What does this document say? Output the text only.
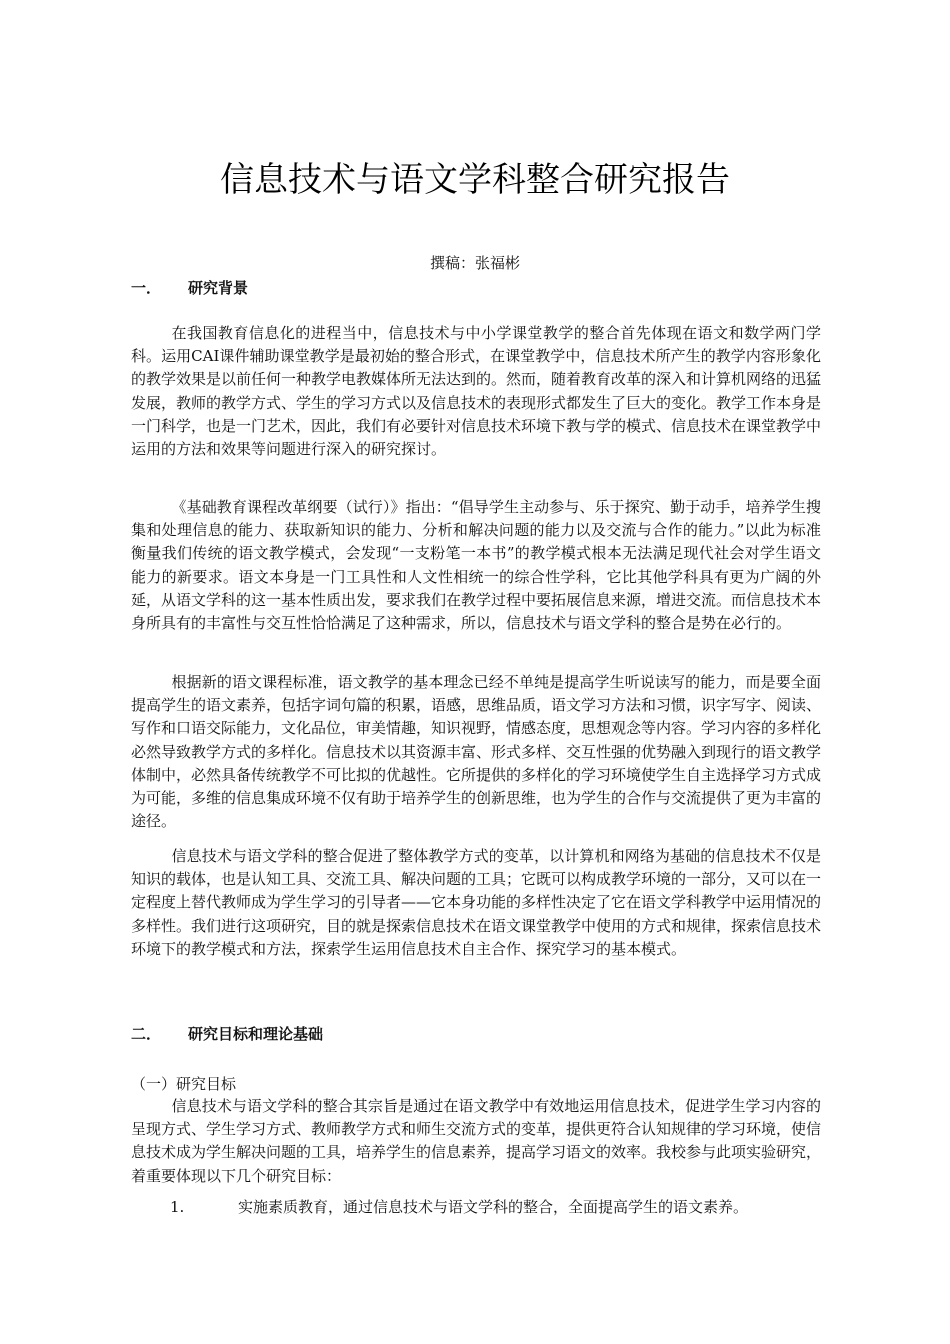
信息技术与语文学科整合研究报告
撰稿：张福彬
一． 研究背景

在我国教育信息化的进程当中，信息技术与中小学课堂教学的整合首先体现在语文和数学两门学科。运用CAI课件辅助课堂教学是最初始的整合形式，在课堂教学中，信息技术所产生的教学内容形象化的教学效果是以前任何一种教学电教媒体所无法达到的。然而，随着教育改革的深入和计算机网络的迅猛发展，教师的教学方式、学生的学习方式以及信息技术的表现形式都发生了巨大的变化。教学工作本身是一门科学，也是一门艺术，因此，我们有必要针对信息技术环境下教与学的模式、信息技术在课堂教学中运用的方法和效果等问题进行深入的研究探讨。

《基础教育课程改革纲要（试行）》指出：“倡导学生主动参与、乐于探究、勤于动手，培养学生搜集和处理信息的能力、获取新知识的能力、分析和解决问题的能力以及交流与合作的能力。”以此为标准衡量我们传统的语文教学模式，会发现“一支粉笔一本书”的教学模式根本无法满足现代社会对学生语文能力的新要求。语文本身是一门工具性和人文性相统一的综合性学科，它比其他学科具有更为广阔的外延，从语文学科的这一基本性质出发，要求我们在教学过程中要拓展信息来源，增进交流。而信息技术本身所具有的丰富性与交互性恰恰满足了这种需求，所以，信息技术与语文学科的整合是势在必行的。

根据新的语文课程标准，语文教学的基本理念已经不单纯是提高学生听说读写的能力，而是要全面提高学生的语文素养，包括字词句篇的积累，语感，思维品质，语文学习方法和习惯，识字写字、阅读、写作和口语交际能力，文化品位，审美情趣，知识视野，情感态度，思想观念等内容。学习内容的多样化必然导致教学方式的多样化。信息技术以其资源丰富、形式多样、交互性强的优势融入到现行的语文教学体制中，必然具备传统教学不可比拟的优越性。它所提供的多样化的学习环境使学生自主选择学习方式成为可能，多维的信息集成环境不仅有助于培养学生的创新思维，也为学生的合作与交流提供了更为丰富的途径。

信息技术与语文学科的整合促进了整体教学方式的变革，以计算机和网络为基础的信息技术不仅是知识的载体，也是认知工具、交流工具、解决问题的工具；它既可以构成教学环境的一部分，又可以在一定程度上替代教师成为学生学习的引导者——它本身功能的多样性决定了它在语文学科教学中运用情况的多样性。我们进行这项研究，目的就是探索信息技术在语文课堂教学中使用的方式和规律，探索信息技术环境下的教学模式和方法，探索学生运用信息技术自主合作、探究学习的基本模式。

二． 研究目标和理论基础
（一）研究目标

信息技术与语文学科的整合其宗旨是通过在语文教学中有效地运用信息技术，促进学生学习内容的呈现方式、学生学习方式、教师教学方式和师生交流方式的变革，提供更符合认知规律的学习环境，使信息技术成为学生解决问题的工具，培养学生的信息素养，提高学习语文的效率。我校参与此项实验研究，着重要体现以下几个研究目标：

1.	实施素质教育，通过信息技术与语文学科的整合，全面提高学生的语文素养。
